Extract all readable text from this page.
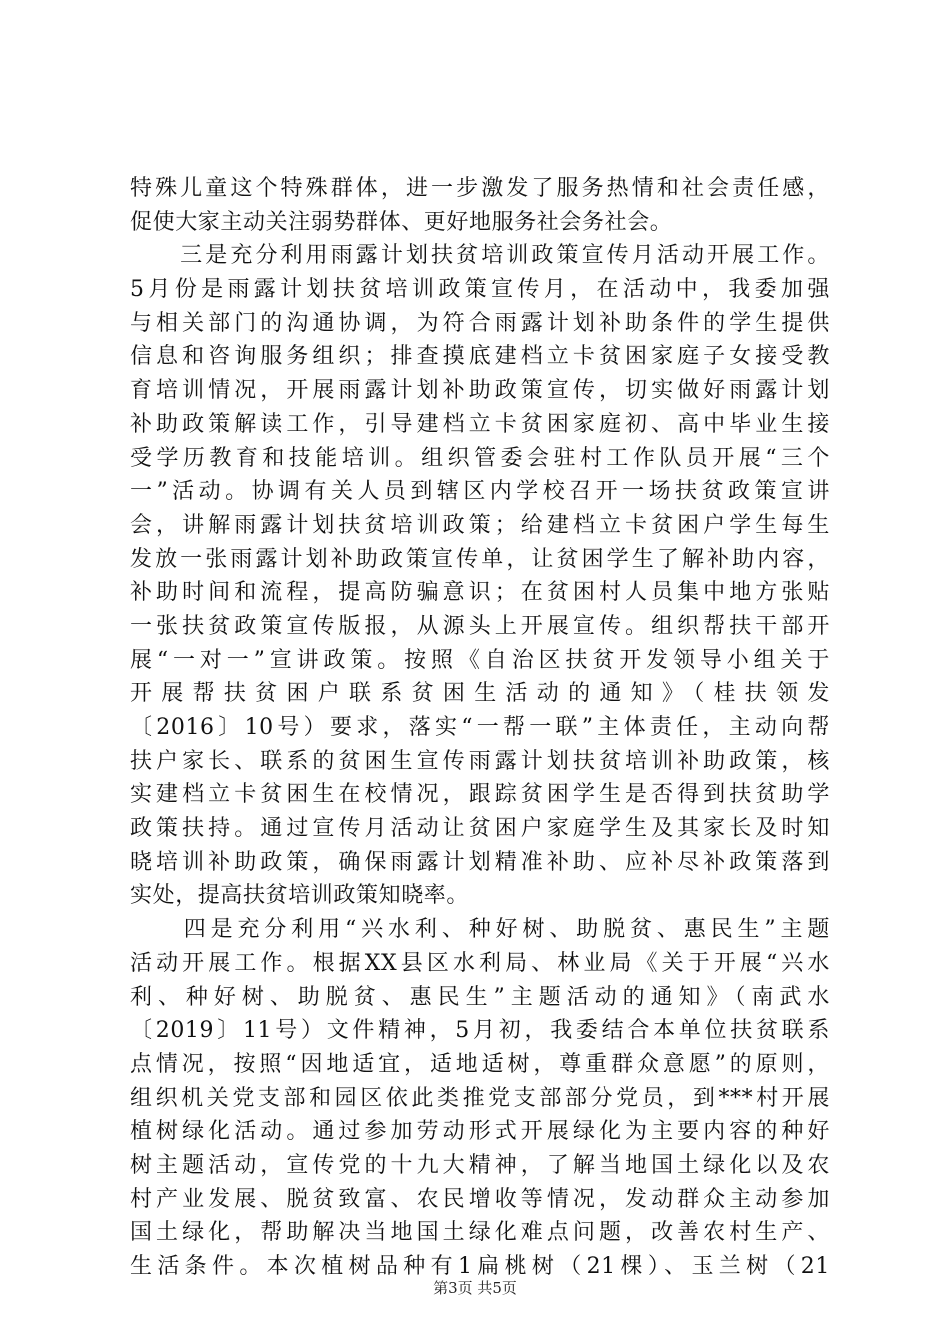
特殊儿童这个特殊群体，进一步激发了服务热情和社会责任感，
促使大家主动关注弱势群体、更好地服务社会务社会。
　　三是充分利用雨露计划扶贫培训政策宣传月活动开展工作。
5月份是雨露计划扶贫培训政策宣传月，在活动中，我委加强
与相关部门的沟通协调，为符合雨露计划补助条件的学生提供
信息和咨询服务组织；排查摸底建档立卡贫困家庭子女接受教
育培训情况，开展雨露计划补助政策宣传，切实做好雨露计划
补助政策解读工作，引导建档立卡贫困家庭初、高中毕业生接
受学历教育和技能培训。组织管委会驻村工作队员开展“三个
一”活动。协调有关人员到辖区内学校召开一场扶贫政策宣讲
会，讲解雨露计划扶贫培训政策；给建档立卡贫困户学生每生
发放一张雨露计划补助政策宣传单，让贫困学生了解补助内容，
补助时间和流程，提高防骗意识；在贫困村人员集中地方张贴
一张扶贫政策宣传版报，从源头上开展宣传。组织帮扶干部开
展“一对一”宣讲政策。按照《自治区扶贫开发领导小组关于
开展帮扶贫困户联系贫困生活动的通知》（桂扶领发
〔2016〕10号）要求，落实“一帮一联”主体责任，主动向帮
扶户家长、联系的贫困生宣传雨露计划扶贫培训补助政策，核
实建档立卡贫困生在校情况，跟踪贫困学生是否得到扶贫助学
政策扶持。通过宣传月活动让贫困户家庭学生及其家长及时知
晓培训补助政策，确保雨露计划精准补助、应补尽补政策落到
实处，提高扶贫培训政策知晓率。
　　四是充分利用“兴水利、种好树、助脱贫、惠民生”主题
活动开展工作。根据XX县区水利局、林业局《关于开展“兴水
利、种好树、助脱贫、惠民生”主题活动的通知》（南武水
〔2019〕11号）文件精神，5月初，我委结合本单位扶贫联系
点情况，按照“因地适宜，适地适树，尊重群众意愿”的原则，
组织机关党支部和园区依此类推党支部部分党员，到***村开展
植树绿化活动。通过参加劳动形式开展绿化为主要内容的种好
树主题活动，宣传党的十九大精神，了解当地国土绿化以及农
村产业发展、脱贫致富、农民增收等情况，发动群众主动参加
国土绿化，帮助解决当地国土绿化难点问题，改善农村生产、
生活条件。本次植树品种有1扁桃树（21棵）、玉兰树（21
第3页 共5页
